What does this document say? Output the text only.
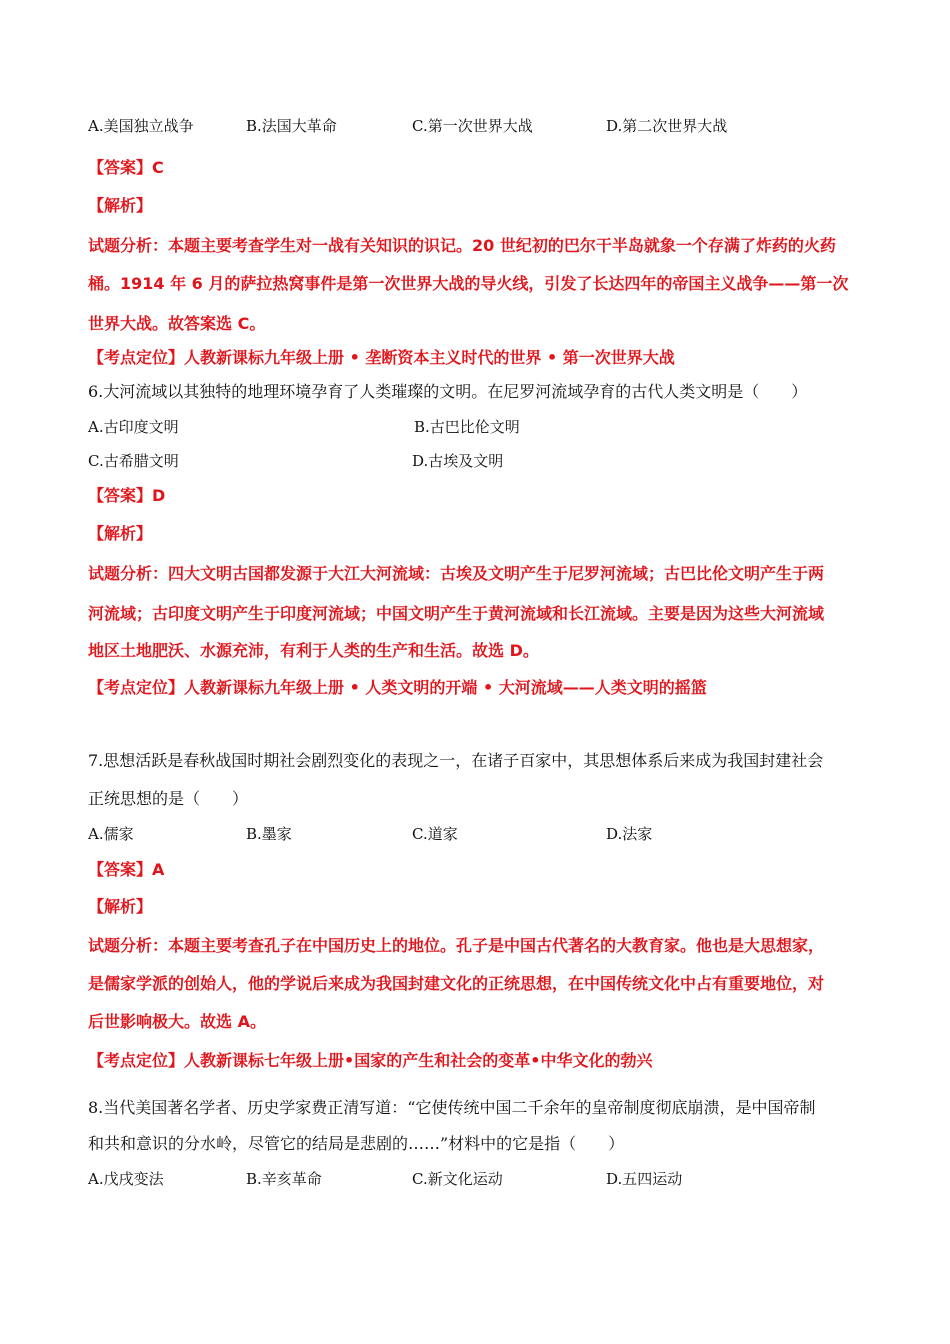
A.美国独立战争	B.法国大革命	C.第一次世界大战	D.第二次世界大战
【答案】C
【解析】
试题分析：本题主要考查学生对一战有关知识的识记。20 世纪初的巴尔干半岛就象一个存满了炸药的火药
桶。1914 年 6 月的萨拉热窝事件是第一次世界大战的导火线，引发了长达四年的帝国主义战争——第一次
世界大战。故答案选 C。
【考点定位】人教新课标九年级上册 • 垄断资本主义时代的世界 • 第一次世界大战
6.大河流域以其独特的地理环境孕育了人类璀璨的文明。在尼罗河流域孕育的古代人类文明是（　　）
A.古印度文明	B.古巴比伦文明
C.古希腊文明	D.古埃及文明
【答案】D
【解析】
试题分析：四大文明古国都发源于大江大河流域：古埃及文明产生于尼罗河流域；古巴比伦文明产生于两
河流域；古印度文明产生于印度河流域；中国文明产生于黄河流域和长江流域。主要是因为这些大河流域
地区土地肥沃、水源充沛，有利于人类的生产和生活。故选 D。
【考点定位】人教新课标九年级上册 • 人类文明的开端 • 大河流域——人类文明的摇篮
7.思想活跃是春秋战国时期社会剧烈变化的表现之一，在诸子百家中，其思想体系后来成为我国封建社会
正统思想的是（　　）
A.儒家	B.墨家	C.道家	D.法家
【答案】A
【解析】
试题分析：本题主要考查孔子在中国历史上的地位。孔子是中国古代著名的大教育家。他也是大思想家，
是儒家学派的创始人，他的学说后来成为我国封建文化的正统思想，在中国传统文化中占有重要地位，对
后世影响极大。故选 A。
【考点定位】人教新课标七年级上册•国家的产生和社会的变革•中华文化的勃兴
8.当代美国著名学者、历史学家费正清写道：“它使传统中国二千余年的皇帝制度彻底崩溃，是中国帝制
和共和意识的分水岭，尽管它的结局是悲剧的……”材料中的它是指（　　）
A.戊戌变法	B.辛亥革命	C.新文化运动	D.五四运动
